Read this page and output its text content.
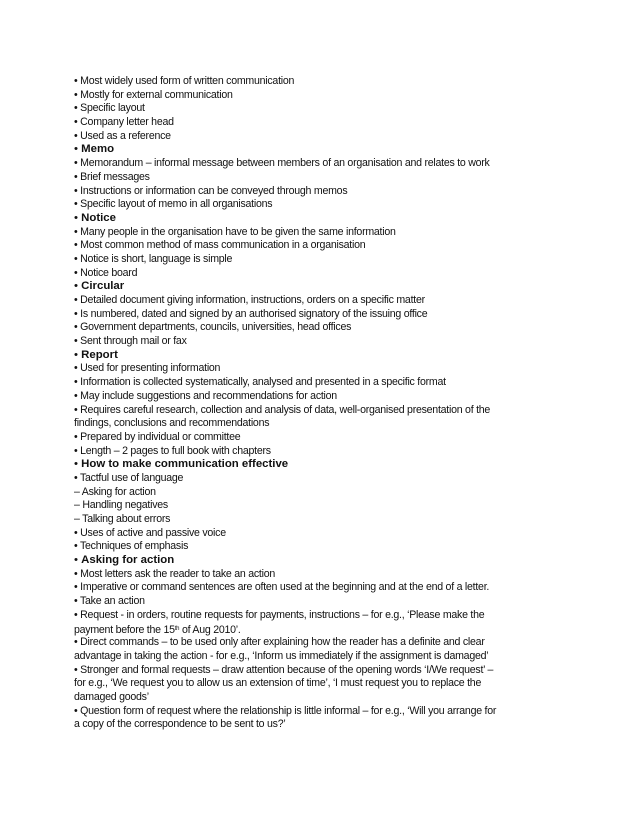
• Most widely used form of written communication
• Mostly for external communication
• Specific layout
• Company letter head
• Used as a reference
• Memo
• Memorandum – informal message between members of an organisation and relates to work
• Brief messages
• Instructions or information can be conveyed through memos
• Specific layout of memo in all organisations
• Notice
• Many people in the organisation have to be given the same information
• Most common method of mass communication in a organisation
• Notice is short, language is simple
• Notice board
• Circular
• Detailed document giving information, instructions, orders on a specific matter
• Is numbered, dated and signed by an authorised signatory of the issuing office
• Government departments, councils, universities, head offices
• Sent through mail or fax
• Report
• Used for presenting information
• Information is collected systematically, analysed and presented in a specific format
• May include suggestions and recommendations for action
• Requires careful research, collection and analysis of data, well-organised presentation of the
findings, conclusions and recommendations
• Prepared by individual or committee
• Length – 2 pages to full book with chapters
• How to make communication effective
• Tactful use of language
– Asking for action
– Handling negatives
– Talking about errors
• Uses of active and passive voice
• Techniques of emphasis
• Asking for action
• Most letters ask the reader to take an action
• Imperative or command sentences are often used at the beginning and at the end of a letter.
• Take an action
• Request - in orders, routine requests for payments, instructions – for e.g., ‘Please make the
payment before the 15th of Aug 2010’.
• Direct commands – to be used only after explaining how the reader has a definite and clear
advantage in taking the action - for e.g., ‘Inform us immediately if the assignment is damaged’
• Stronger and formal requests – draw attention because of the opening words ‘I/We request’ –
for e.g., ‘We request you to allow us an extension of time’, ‘I must request you to replace the
damaged goods’
• Question form of request where the relationship is little informal – for e.g., ‘Will you arrange for
a copy of the correspondence to be sent to us?’
